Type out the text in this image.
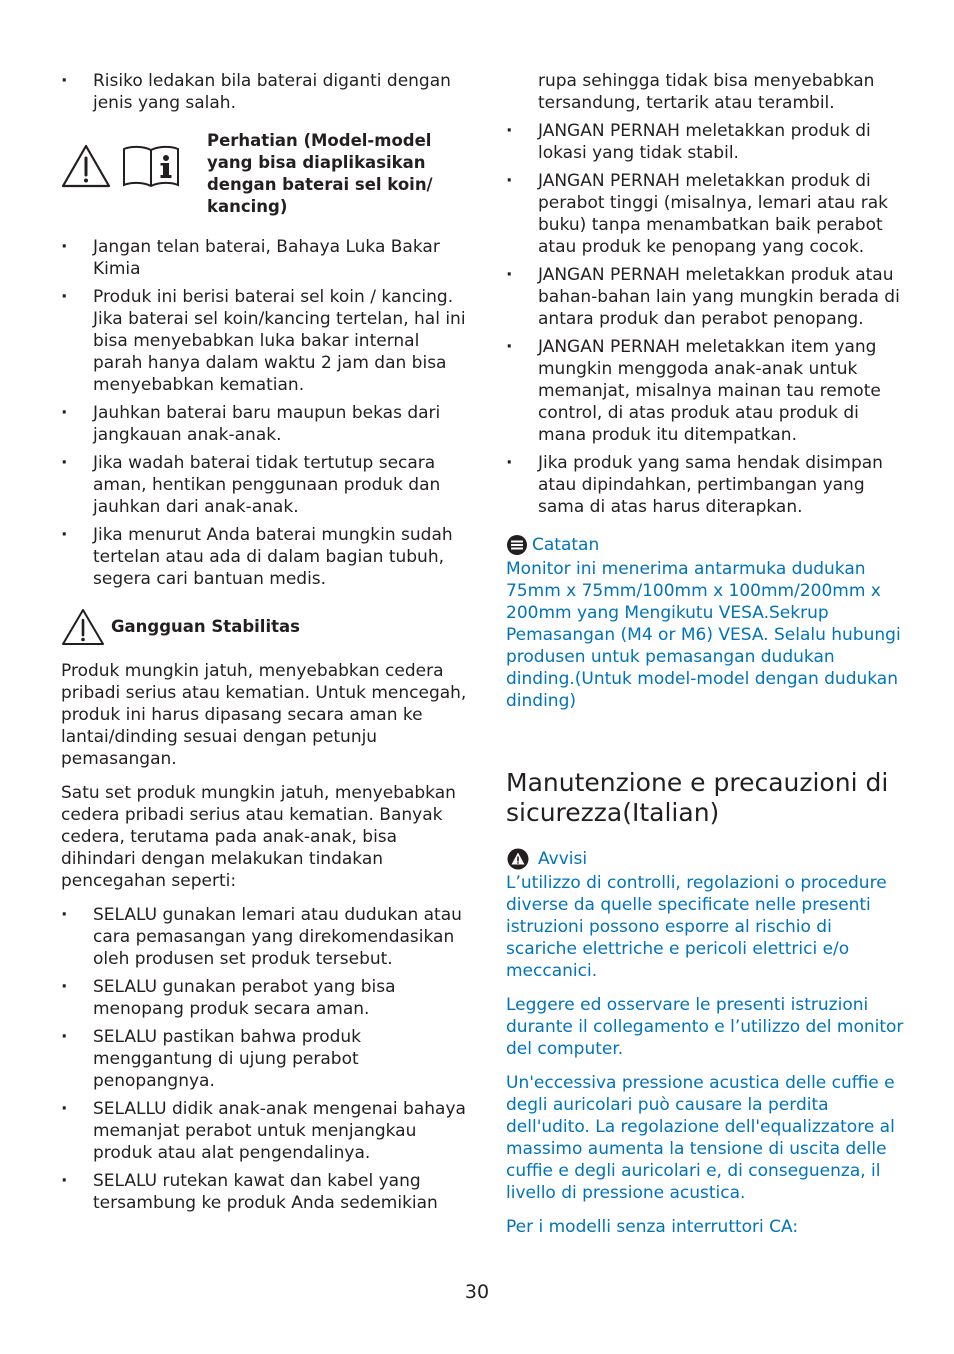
· Risiko ledakan bila baterai diganti dengan jenis yang salah.
Perhatian (Model-model yang bisa diaplikasikan dengan baterai sel koin/ kancing)
· Jangan telan baterai, Bahaya Luka Bakar Kimia
· Produk ini berisi baterai sel koin / kancing. Jika baterai sel koin/kancing tertelan, hal ini bisa menyebabkan luka bakar internal parah hanya dalam waktu 2 jam dan bisa menyebabkan kematian.
· Jauhkan baterai baru maupun bekas dari jangkauan anak-anak.
· Jika wadah baterai tidak tertutup secara aman, hentikan penggunaan produk dan jauhkan dari anak-anak.
· Jika menurut Anda baterai mungkin sudah tertelan atau ada di dalam bagian tubuh, segera cari bantuan medis.
Gangguan Stabilitas

Produk mungkin jatuh, menyebabkan cedera pribadi serius atau kematian. Untuk mencegah, produk ini harus dipasang secara aman ke lantai/dinding sesuai dengan petunju pemasangan.

Satu set produk mungkin jatuh, menyebabkan cedera pribadi serius atau kematian. Banyak cedera, terutama pada anak-anak, bisa dihindari dengan melakukan tindakan pencegahan seperti:

· SELALU gunakan lemari atau dudukan atau cara pemasangan yang direkomendasikan oleh produsen set produk tersebut.
· SELALU gunakan perabot yang bisa menopang produk secara aman.
· SELALU pastikan bahwa produk menggantung di ujung perabot penopangnya.
· SELALLU didik anak-anak mengenai bahaya memanjat perabot untuk menjangkau produk atau alat pengendalinya.
· SELALU rutekan kawat dan kabel yang tersambung ke produk Anda sedemikian
rupa sehingga tidak bisa menyebabkan tersandung, tertarik atau terambil.
· JANGAN PERNAH meletakkan produk di lokasi yang tidak stabil.
· JANGAN PERNAH meletakkan produk di perabot tinggi (misalnya, lemari atau rak buku) tanpa menambatkan baik perabot atau produk ke penopang yang cocok.
· JANGAN PERNAH meletakkan produk atau bahan-bahan lain yang mungkin berada di antara produk dan perabot penopang.
· JANGAN PERNAH meletakkan item yang mungkin menggoda anak-anak untuk memanjat, misalnya mainan tau remote control, di atas produk atau produk di mana produk itu ditempatkan.
· Jika produk yang sama hendak disimpan atau dipindahkan, pertimbangan yang sama di atas harus diterapkan.
Catatan

Monitor ini menerima antarmuka dudukan 75mm x 75mm/100mm x 100mm/200mm x 200mm yang Mengikutu VESA.Sekrup Pemasangan (M4 or M6) VESA. Selalu hubungi produsen untuk pemasangan dudukan dinding.(Untuk model-model dengan dudukan dinding)

Manutenzione e precauzioni di sicurezza(Italian)
Avvisi

L’utilizzo di controlli, regolazioni o procedure diverse da quelle specificate nelle presenti istruzioni possono esporre al rischio di scariche elettriche e pericoli elettrici e/o meccanici.

Leggere ed osservare le presenti istruzioni durante il collegamento e l’utilizzo del monitor del computer.

Un'eccessiva pressione acustica delle cuffie e degli auricolari può causare la perdita dell'udito. La regolazione dell'equalizzatore al massimo aumenta la tensione di uscita delle cuffie e degli auricolari e, di conseguenza, il livello di pressione acustica.

Per i modelli senza interruttori CA:

30
